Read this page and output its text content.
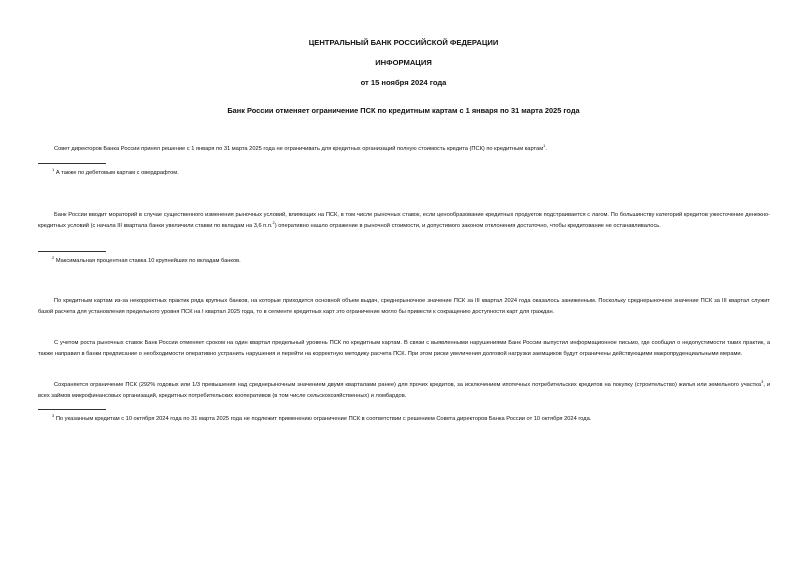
ЦЕНТРАЛЬНЫЙ БАНК РОССИЙСКОЙ ФЕДЕРАЦИИ
ИНФОРМАЦИЯ
от 15 ноября 2024 года
Банк России отменяет ограничение ПСК по кредитным картам с 1 января по 31 марта 2025 года
Совет директоров Банка России принял решение с 1 января по 31 марта 2025 года не ограничивать для кредитных организаций полную стоимость кредита (ПСК) по кредитным картам$^1$.
$^1$ А также по дебетовым картам с овердрафтом.
Банк России вводит мораторий в случае существенного изменения рыночных условий, влияющих на ПСК, в том числе рыночных ставок, если ценообразование кредитных продуктов подстраивается с лагом. По большинству категорий кредитов ужесточение денежно-кредитных условий (с начала III квартала банки увеличили ставки по вкладам на 3,6 п.п.$^2$) оперативно нашло отражение в рыночной стоимости, и допустимого законом отклонения достаточно, чтобы кредитование не останавливалось.
$^2$ Максимальная процентная ставка 10 крупнейших по вкладам банков.
По кредитным картам из-за некорректных практик ряда крупных банков, на которые приходится основной объем выдач, среднерыночное значение ПСК за III квартал 2024 года оказалось заниженным. Поскольку среднерыночное значение ПСК за III квартал служит базой расчета для установления предельного уровня ПСК на I квартал 2025 года, то в сегменте кредитных карт это ограничение могло бы привести к сокращению доступности карт для граждан.
С учетом роста рыночных ставок Банк России отменяет сроком на один квартал предельный уровень ПСК по кредитным картам. В связи с выявленными нарушениями Банк России выпустил информационное письмо, где сообщил о недопустимости таких практик, а также направил в банки предписание о необходимости оперативно устранить нарушения и перейти на корректную методику расчета ПСК. При этом риски увеличения долговой нагрузки заемщиков будут ограничены действующими макропруденциальными мерами.
Сохраняется ограничение ПСК (292% годовых или 1/3 превышения над среднерыночным значением двумя кварталами ранее) для прочих кредитов, за исключением ипотечных потребительских кредитов на покупку (строительство) жилья или земельного участка$^3$, и всех займов микрофинансовых организаций, кредитных потребительских кооперативов (в том числе сельскохозяйственных) и ломбардов.
$^3$ По указанным кредитам с 10 октября 2024 года по 31 марта 2025 года не подлежит применению ограничение ПСК в соответствии с решением Совета директоров Банка России от 10 октября 2024 года.
